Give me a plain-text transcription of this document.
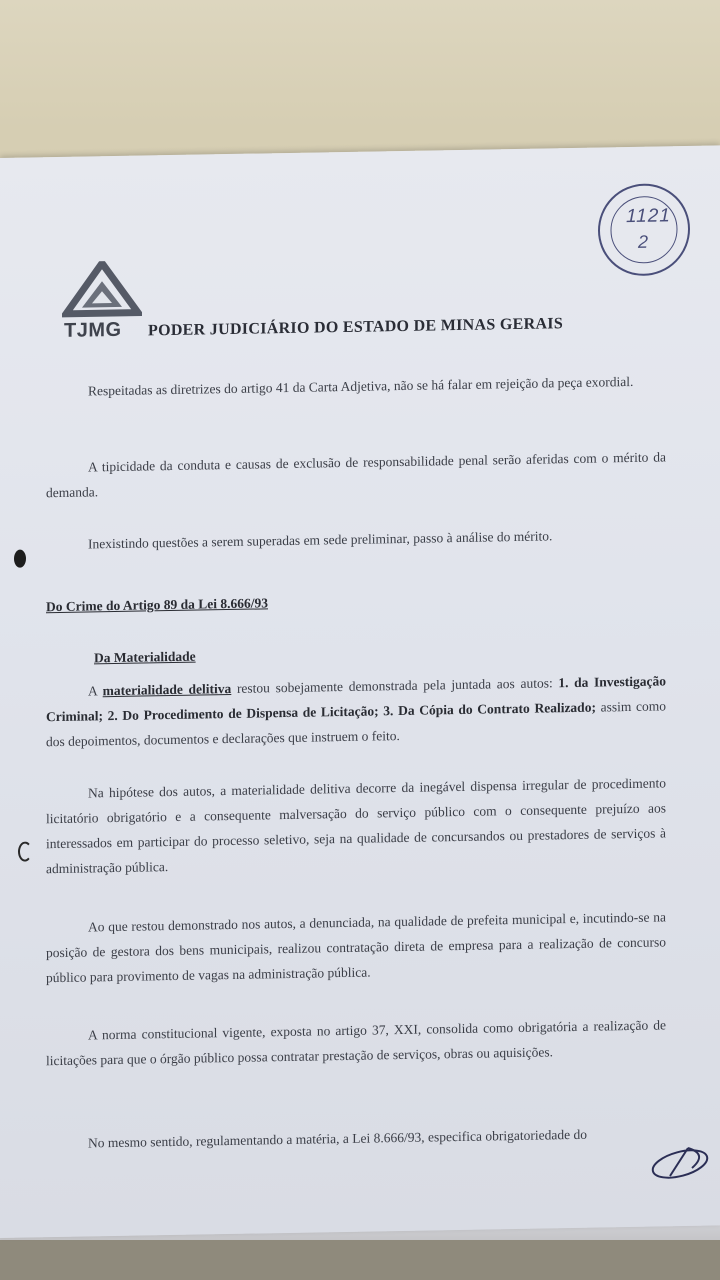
TJMG PODER JUDICIÁRIO DO ESTADO DE MINAS GERAIS
1121
2
Respeitadas as diretrizes do artigo 41 da Carta Adjetiva, não se há falar em rejeição da peça exordial.
A tipicidade da conduta e causas de exclusão de responsabilidade penal serão aferidas com o mérito da demanda.
Inexistindo questões a serem superadas em sede preliminar, passo à análise do mérito.
Do Crime do Artigo 89 da Lei 8.666/93
Da Materialidade
A materialidade delitiva restou sobejamente demonstrada pela juntada aos autos: 1. da Investigação Criminal; 2. Do Procedimento de Dispensa de Licitação; 3. Da Cópia do Contrato Realizado; assim como dos depoimentos, documentos e declarações que instruem o feito.
Na hipótese dos autos, a materialidade delitiva decorre da inegável dispensa irregular de procedimento licitatório obrigatório e a consequente malversação do serviço público com o consequente prejuízo aos interessados em participar do processo seletivo, seja na qualidade de concursandos ou prestadores de serviços à administração pública.
Ao que restou demonstrado nos autos, a denunciada, na qualidade de prefeita municipal e, incutindo-se na posição de gestora dos bens municipais, realizou contratação direta de empresa para a realização de concurso público para provimento de vagas na administração pública.
A norma constitucional vigente, exposta no artigo 37, XXI, consolida como obrigatória a realização de licitações para que o órgão público possa contratar prestação de serviços, obras ou aquisições.
No mesmo sentido, regulamentando a matéria, a Lei 8.666/93, especifica obrigatoriedade do
